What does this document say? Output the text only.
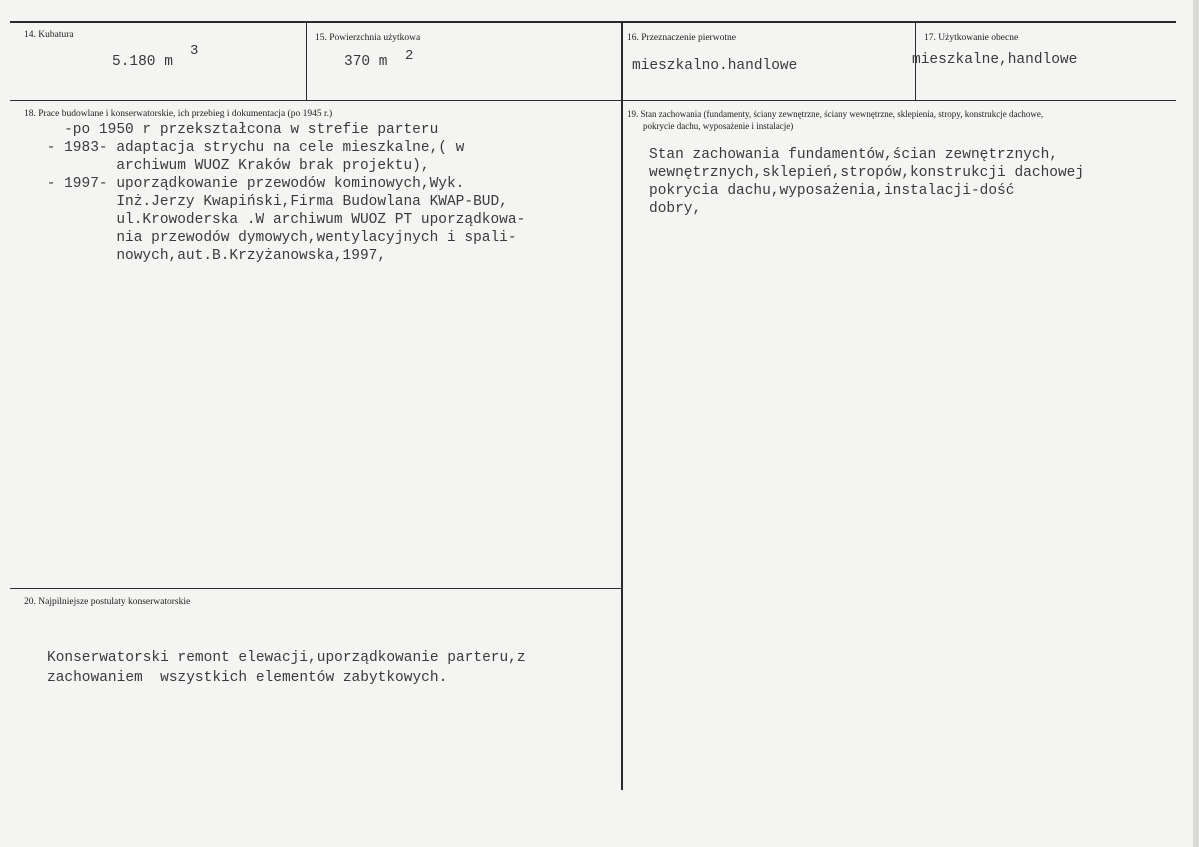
14. Kubatura
5.180 m
3
15. Powierzchnia użytkowa
370 m 2
16. Przeznaczenie pierwotne
mieszkalno.handlowe
17. Użytkowanie obecne
mieszkalne,handlowe
18. Prace budowlane i konserwatorskie, ich przebieg i dokumentacja (po 1945 r.)
-po 1950 r przekształcona w strefie parteru
- 1983- adaptacja strychu na cele mieszkalne,( w
archiwum WUOZ Kraków brak projektu),
- 1997- uporządkowanie przewodów kominowych,Wyk.
Inż.Jerzy Kwapiński,Firma Budowlana KWAP-BUD,
ul.Krowoderska .W archiwum WUOZ PT uporządkowa-
nia przewodów dymowych,wentylacyjnych i spali-
nowych,aut.B.Krzyżanowska,1997,
19. Stan zachowania (fundamenty, ściany zewnętrzne, ściany wewnętrzne, sklepienia, stropy, konstrukcje dachowe,
pokrycie dachu, wyposażenie i instalacje)
Stan zachowania fundamentów,ścian zewnętrznych,
wewnętrznych,sklepień,stropów,konstrukcji dachowej
pokrycia dachu,wyposażenia,instalacji-dość
dobry,
20. Najpilniejsze postulaty konserwatorskie
Konserwatorski remont elewacji,uporządkowanie parteru,z
zachowaniem  wszystkich elementów zabytkowych.
